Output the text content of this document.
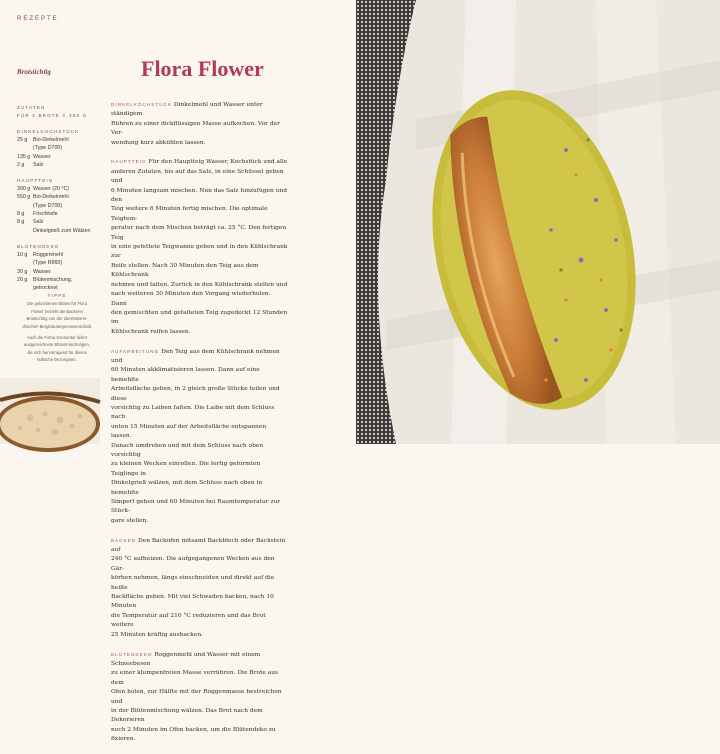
REZEPTE
Brotsüchtig	Flora Flower
ZUTATEN
FÜR 2 BROTE À 350 G
DINKELKOCHSTÜCK
25 g	Bio-Dinkelmehl
(Type D700)
135 g Wasser
2 g	Salz
HAUPTTEIG
300 g Wasser (20 °C)
550 g Bio-Dinkelmehl
(Type D700)
8 g	Frischhefe
8 g	Salz
Dinkelgrieß zum Wälzen
BLÜTENDEKO
10 g	Roggenmehl
(Type R960)
30 g	Wasser
20 g	Blütenmischung,
getrocknet
TIPPS
Die gebackenen Blüten für Flora
Flower bezieht die Bäckerei
Brotsüchtig von der oberösterrei-
chischen Bergkräutergenossenschaft.
Auch die Firma Sonnentor liefert
ausgezeichnete Blütenmischungen,
die sich hervorragend für dieses
hübsche Brot eignen.
DINKELKOCHSTÜCK Dinkelmehl und Wasser unter ständigem
Rühren zu einer dickflüssigen Masse aufkochen. Vor der Ver-
wendung kurz abkühlen lassen.
HAUPTTEIG Für den Hauptteig Wasser, Kochstück und alle
anderen Zutaten, bis auf das Salz, in eine Schüssel geben und
6 Minuten langsam mischen. Nun das Salz hinzufügen und den
Teig weitere 6 Minuten fertig mischen. Die optimale Teigtem-
peratur nach dem Mischen beträgt ca. 25 °C. Den fertigen Teig
in eine gefettete Teigwanne geben und in den Kühlschrank zur
Reife stellen. Nach 30 Minuten den Teig aus dem Kühlschrank
nehmen und falten. Zurück in den Kühlschrank stellen und
nach weiteren 30 Minuten den Vorgang wiederholen. Dann
den gemischten und gefalteten Teig zugedeckt 12 Stunden im
Kühlschrank reifen lassen.
AUFARBEITUNG Den Teig aus dem Kühlschrank nehmen und
60 Minuten akklimatisieren lassen. Dann auf eine bemehlte
Arbeitsfläche geben, in 2 gleich große Stücke teilen und diese
vorsichtig zu Laiben falten. Die Laibe mit dem Schluss nach
unten 15 Minuten auf der Arbeitsfläche entspannen lassen.
Danach umdrehen und mit dem Schluss nach oben vorsichtig
zu kleinen Wecken einrollen. Die fertig geformten Teiglinge in
Dinkelgrieß wälzen, mit dem Schluss nach oben in bemehlte
Simperl geben und 60 Minuten bei Raumtemperatur zur Stück-
gare stellen.
BACKEN Den Backofen mitsamt Backblech oder Backstein auf
240 °C aufheizen. Die aufgegangenen Wecken aus den Gär-
körben nehmen, längs einschneiden und direkt auf die heiße
Backfläche geben. Mit viel Schwaden backen, nach 10 Minuten
die Temperatur auf 210 °C reduzieren und das Brot weitere
25 Minuten kräftig ausbacken.
BLÜTENDEKO Roggenmehl und Wasser mit einem Schneebesen
zu einer klumpenfreien Masse verrühren. Die Brote aus dem
Ofen holen, zur Hälfte mit der Roggenmasse bestreichen und
in der Blütenmischung wälzen. Das Brot nach dem Dekorieren
noch 2 Minuten im Ofen backen, um die Blütendeko zu fixieren.
